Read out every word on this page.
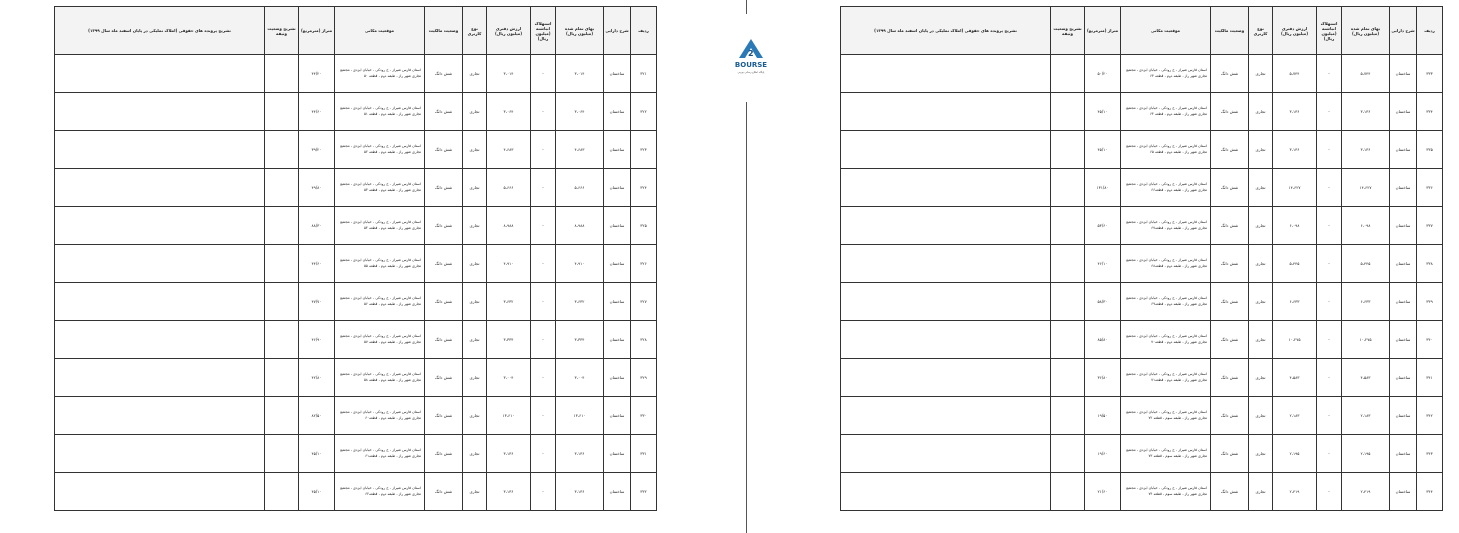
2
BOURSE
پایگاه اطلاع رسانی بورس
ردیف	شرح دارایی	بهای تمام شده (میلیون ریال)	استهلاک انباشته (میلیون ریال)	ارزش دفتری (میلیون ریال)	نوع کاربری	وضعیت مالکیت	موقعیت مکانی	متراژ (مترمربع)	تشریح وضعیت وثیقه	تشریح پرونده های حقوقی (املاک تملیکی در پایان اسفند ماه سال ۱۳۹۹)
۳۲۱	ساختمان	۳،۰۱۴	-	۳،۰۱۴	تجاری	شش دانگ	استان فارس شیراز - خ رودکی - خیابان ایزدی ، مجتمع تجاری شهر راز ، طبقه دوم ، قطعه ۵۰	۴۴/۲۰		
۳۲۲	ساختمان	۳،۰۶۴	-	۳،۰۶۴	تجاری	شش دانگ	استان فارس شیراز - خ رودکی - خیابان ایزدی ، مجتمع تجاری شهر راز ، طبقه دوم ، قطعه ۵۱	۴۴/۶۰		
۳۲۳	ساختمان	۴،۶۸۳	-	۴،۶۸۳	تجاری	شش دانگ	استان فارس شیراز - خ رودکی - خیابان ایزدی ، مجتمع تجاری شهر راز ، طبقه دوم ، قطعه ۵۲	۳۹/۲۰		
۳۲۴	ساختمان	۵،۶۶۶	-	۵،۶۶۶	تجاری	شش دانگ	استان فارس شیراز - خ رودکی - خیابان ایزدی ، مجتمع تجاری شهر راز ، طبقه دوم ، قطعه ۵۳	۴۹/۸۰		
۳۲۵	ساختمان	۸،۹۸۸	-	۸،۹۸۸	تجاری	شش دانگ	استان فارس شیراز - خ رودکی - خیابان ایزدی ، مجتمع تجاری شهر راز ، طبقه دوم ، قطعه ۵۴	۸۸/۳۰		
۳۲۶	ساختمان	۴،۹۱۰	-	۴،۹۱۰	تجاری	شش دانگ	استان فارس شیراز - خ رودکی - خیابان ایزدی ، مجتمع تجاری شهر راز ، طبقه دوم ، قطعه ۵۵	۴۴/۶۰		
۳۲۷	ساختمان	۳،۶۳۲	-	۳،۶۳۲	تجاری	شش دانگ	استان فارس شیراز - خ رودکی - خیابان ایزدی ، مجتمع تجاری شهر راز ، طبقه دوم ، قطعه ۵۶	۴۷/۷۰		
۳۲۸	ساختمان	۳،۳۳۴	-	۳،۳۳۴	تجاری	شش دانگ	استان فارس شیراز - خ رودکی - خیابان ایزدی ، مجتمع تجاری شهر راز ، طبقه دوم ، قطعه ۵۷	۴۶/۹۰		
۳۲۹	ساختمان	۳،۰۰۴	-	۳،۰۰۴	تجاری	شش دانگ	استان فارس شیراز - خ رودکی - خیابان ایزدی ، مجتمع تجاری شهر راز ، طبقه دوم ، قطعه ۵۸	۴۲/۸۰		
۳۳۰	ساختمان	۱۳،۶۱۰	-	۱۳،۶۱۰	تجاری	شش دانگ	استان فارس شیراز - خ رودکی - خیابان ایزدی ، مجتمع تجاری شهر راز ، طبقه دوم ، قطعه۶۰	۸۲/۵۰		
۳۳۱	ساختمان	۳،۱۳۶	-	۳،۱۳۶	تجاری	شش دانگ	استان فارس شیراز - خ رودکی - خیابان ایزدی ، مجتمع تجاری شهر راز ، طبقه دوم ، قطعه۶۱	۴۵/۱۰		
۳۳۲	ساختمان	۳،۱۳۶	-	۳،۱۳۶	تجاری	شش دانگ	استان فارس شیراز - خ رودکی - خیابان ایزدی ، مجتمع تجاری شهر راز ، طبقه دوم ، قطعه۶۲	۴۵/۱۰		
ردیف	شرح دارایی	بهای تمام شده (میلیون ریال)	استهلاک انباشته (میلیون ریال)	ارزش دفتری (میلیون ریال)	نوع کاربری	وضعیت مالکیت	موقعیت مکانی	متراژ (مترمربع)	تشریح وضعیت وثیقه	تشریح پرونده های حقوقی (املاک تملیکی در پایان اسفند ماه سال ۱۳۹۹)
۳۳۳	ساختمان	۵،۷۴۴	-	۵،۷۴۴	تجاری	شش دانگ	استان فارس شیراز - خ رودکی - خیابان ایزدی ، مجتمع تجاری شهر راز ، طبقه دوم ، قطعه ۶۳	۵۰/۲۰		
۳۳۴	ساختمان	۳،۱۳۶	-	۳،۱۳۶	تجاری	شش دانگ	استان فارس شیراز - خ رودکی - خیابان ایزدی ، مجتمع تجاری شهر راز ، طبقه دوم ، قطعه ۶۴	۴۵/۱۰		
۳۳۵	ساختمان	۳،۱۳۶	-	۳،۱۳۶	تجاری	شش دانگ	استان فارس شیراز - خ رودکی - خیابان ایزدی ، مجتمع تجاری شهر راز ، طبقه دوم ، قطعه ۶۵	۴۵/۱۰		
۳۳۶	ساختمان	۱۴،۶۲۷	-	۱۴،۶۲۷	تجاری	شش دانگ	استان فارس شیراز - خ رودکی - خیابان ایزدی ، مجتمع تجاری شهر راز ، طبقه دوم ، قطعه۶۶	۱۳۱/۸۰		
۳۳۷	ساختمان	۶،۰۹۸	-	۶،۰۹۸	تجاری	شش دانگ	استان فارس شیراز - خ رودکی - خیابان ایزدی ، مجتمع تجاری شهر راز ، طبقه دوم ، قطعه۶۷	۵۳/۶۰		
۳۳۸	ساختمان	۵،۴۴۵	-	۵،۴۴۵	تجاری	شش دانگ	استان فارس شیراز - خ رودکی - خیابان ایزدی ، مجتمع تجاری شهر راز ، طبقه دوم ، قطعه۶۸	۴۶/۱۰		
۳۳۹	ساختمان	۶،۶۳۳	-	۶،۶۳۳	تجاری	شش دانگ	استان فارس شیراز - خ رودکی - خیابان ایزدی ، مجتمع تجاری شهر راز ، طبقه دوم ، قطعه۶۹	۵۸/۳۰		
۳۴۰	ساختمان	۱۰،۲۷۵	-	۱۰،۲۷۵	تجاری	شش دانگ	استان فارس شیراز - خ رودکی - خیابان ایزدی ، مجتمع تجاری شهر راز ، طبقه دوم ، قطعه۷۰	۸۵/۸۰		
۳۴۱	ساختمان	۴،۵۸۳	-	۴،۵۸۳	تجاری	شش دانگ	استان فارس شیراز - خ رودکی - خیابان ایزدی ، مجتمع تجاری شهر راز ، طبقه دوم ، قطعه۷۱	۳۶/۸۰		
۳۴۲	ساختمان	۲،۱۸۳	-	۲،۱۸۳	تجاری	شش دانگ	استان فارس شیراز - خ رودکی - خیابان ایزدی ، مجتمع تجاری شهر راز ، طبقه سوم ، قطعه ۷۲	۱۹/۵۰		
۳۴۳	ساختمان	۲،۱۹۵	-	۲،۱۹۵	تجاری	شش دانگ	استان فارس شیراز - خ رودکی - خیابان ایزدی ، مجتمع تجاری شهر راز ، طبقه سوم ، قطعه ۷۳	۱۹/۶۰		
۳۴۴	ساختمان	۲،۴۱۹	-	۲،۴۱۹	تجاری	شش دانگ	استان فارس شیراز - خ رودکی - خیابان ایزدی ، مجتمع تجاری شهر راز ، طبقه سوم ، قطعه ۷۴	۲۱/۶۰		
